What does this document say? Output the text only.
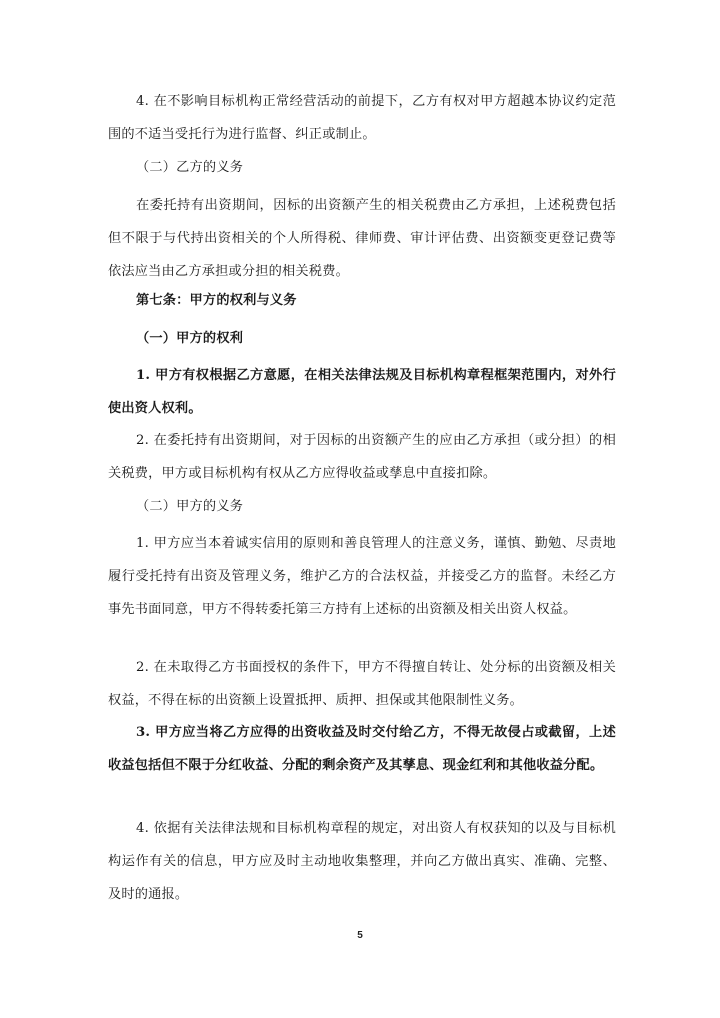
4. 在不影响目标机构正常经营活动的前提下，乙方有权对甲方超越本协议约定范围的不适当受托行为进行监督、纠正或制止。

（二）乙方的义务

在委托持有出资期间，因标的出资额产生的相关税费由乙方承担，上述税费包括但不限于与代持出资相关的个人所得税、律师费、审计评估费、出资额变更登记费等依法应当由乙方承担或分担的相关税费。

第七条：甲方的权利与义务

（一）甲方的权利

1. 甲方有权根据乙方意愿，在相关法律法规及目标机构章程框架范围内，对外行使出资人权利。

2. 在委托持有出资期间，对于因标的出资额产生的应由乙方承担（或分担）的相关税费，甲方或目标机构有权从乙方应得收益或孳息中直接扣除。

（二）甲方的义务

1. 甲方应当本着诚实信用的原则和善良管理人的注意义务，谨慎、勤勉、尽责地履行受托持有出资及管理义务，维护乙方的合法权益，并接受乙方的监督。未经乙方事先书面同意，甲方不得转委托第三方持有上述标的出资额及相关出资人权益。

2. 在未取得乙方书面授权的条件下，甲方不得擅自转让、处分标的出资额及相关权益，不得在标的出资额上设置抵押、质押、担保或其他限制性义务。

3. 甲方应当将乙方应得的出资收益及时交付给乙方，不得无故侵占或截留，上述收益包括但不限于分红收益、分配的剩余资产及其孳息、现金红利和其他收益分配。

4. 依据有关法律法规和目标机构章程的规定，对出资人有权获知的以及与目标机构运作有关的信息，甲方应及时主动地收集整理，并向乙方做出真实、准确、完整、及时的通报。

5
